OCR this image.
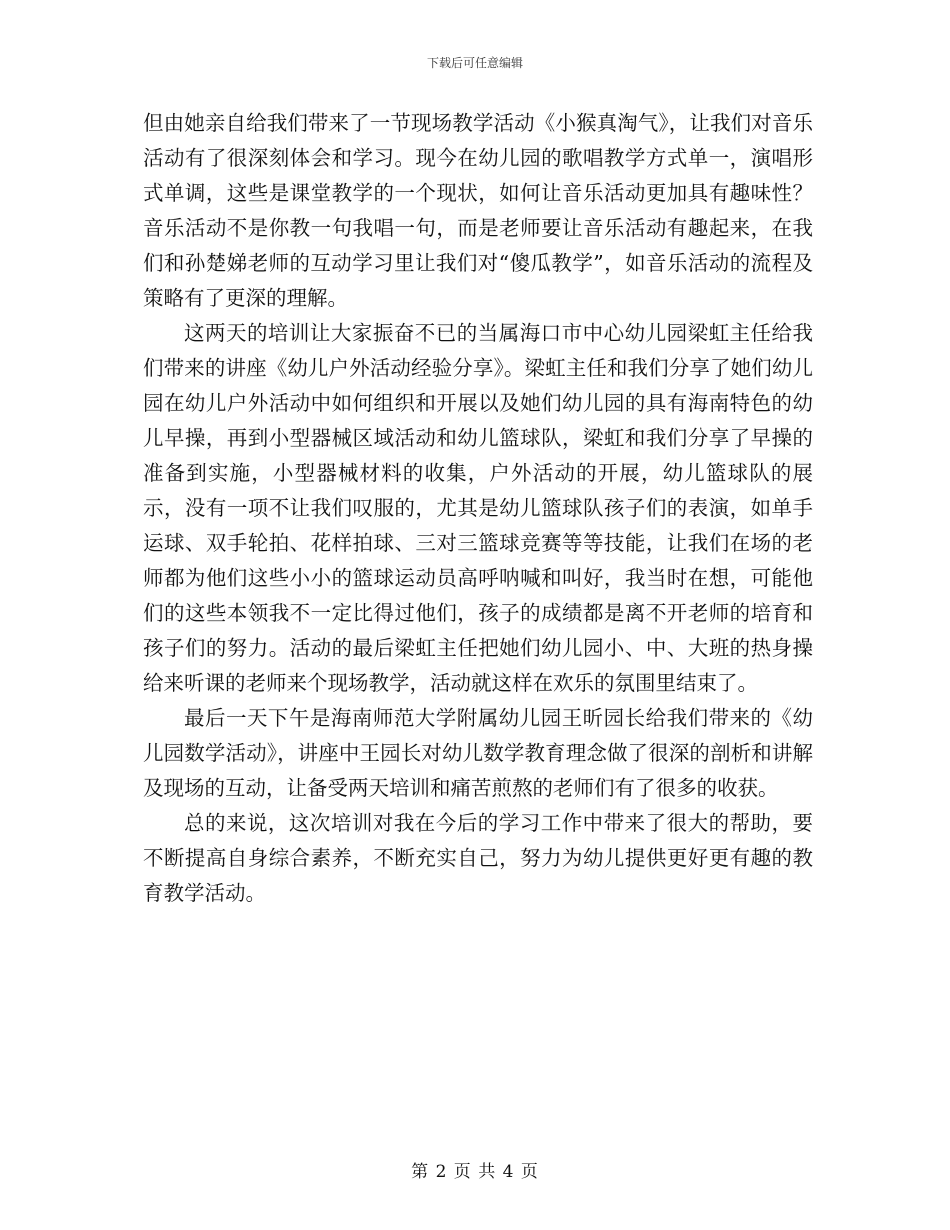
下载后可任意编辑

但由她亲自给我们带来了一节现场教学活动《小猴真淘气》，让我们对音乐活动有了很深刻体会和学习。现今在幼儿园的歌唱教学方式单一，演唱形式单调，这些是课堂教学的一个现状，如何让音乐活动更加具有趣味性？音乐活动不是你教一句我唱一句，而是老师要让音乐活动有趣起来，在我们和孙楚娣老师的互动学习里让我们对“傻瓜教学”，如音乐活动的流程及策略有了更深的理解。

这两天的培训让大家振奋不已的当属海口市中心幼儿园梁虹主任给我们带来的讲座《幼儿户外活动经验分享》。梁虹主任和我们分享了她们幼儿园在幼儿户外活动中如何组织和开展以及她们幼儿园的具有海南特色的幼儿早操，再到小型器械区域活动和幼儿篮球队，梁虹和我们分享了早操的准备到实施，小型器械材料的收集，户外活动的开展，幼儿篮球队的展示，没有一项不让我们叹服的，尤其是幼儿篮球队孩子们的表演，如单手运球、双手轮拍、花样拍球、三对三篮球竞赛等等技能，让我们在场的老师都为他们这些小小的篮球运动员高呼呐喊和叫好，我当时在想，可能他们的这些本领我不一定比得过他们，孩子的成绩都是离不开老师的培育和孩子们的努力。活动的最后梁虹主任把她们幼儿园小、中、大班的热身操给来听课的老师来个现场教学，活动就这样在欢乐的氛围里结束了。

最后一天下午是海南师范大学附属幼儿园王昕园长给我们带来的《幼儿园数学活动》，讲座中王园长对幼儿数学教育理念做了很深的剖析和讲解及现场的互动，让备受两天培训和痛苦煎熬的老师们有了很多的收获。

总的来说，这次培训对我在今后的学习工作中带来了很大的帮助，要不断提高自身综合素养，不断充实自己，努力为幼儿提供更好更有趣的教育教学活动。

第 2 页 共 4 页
